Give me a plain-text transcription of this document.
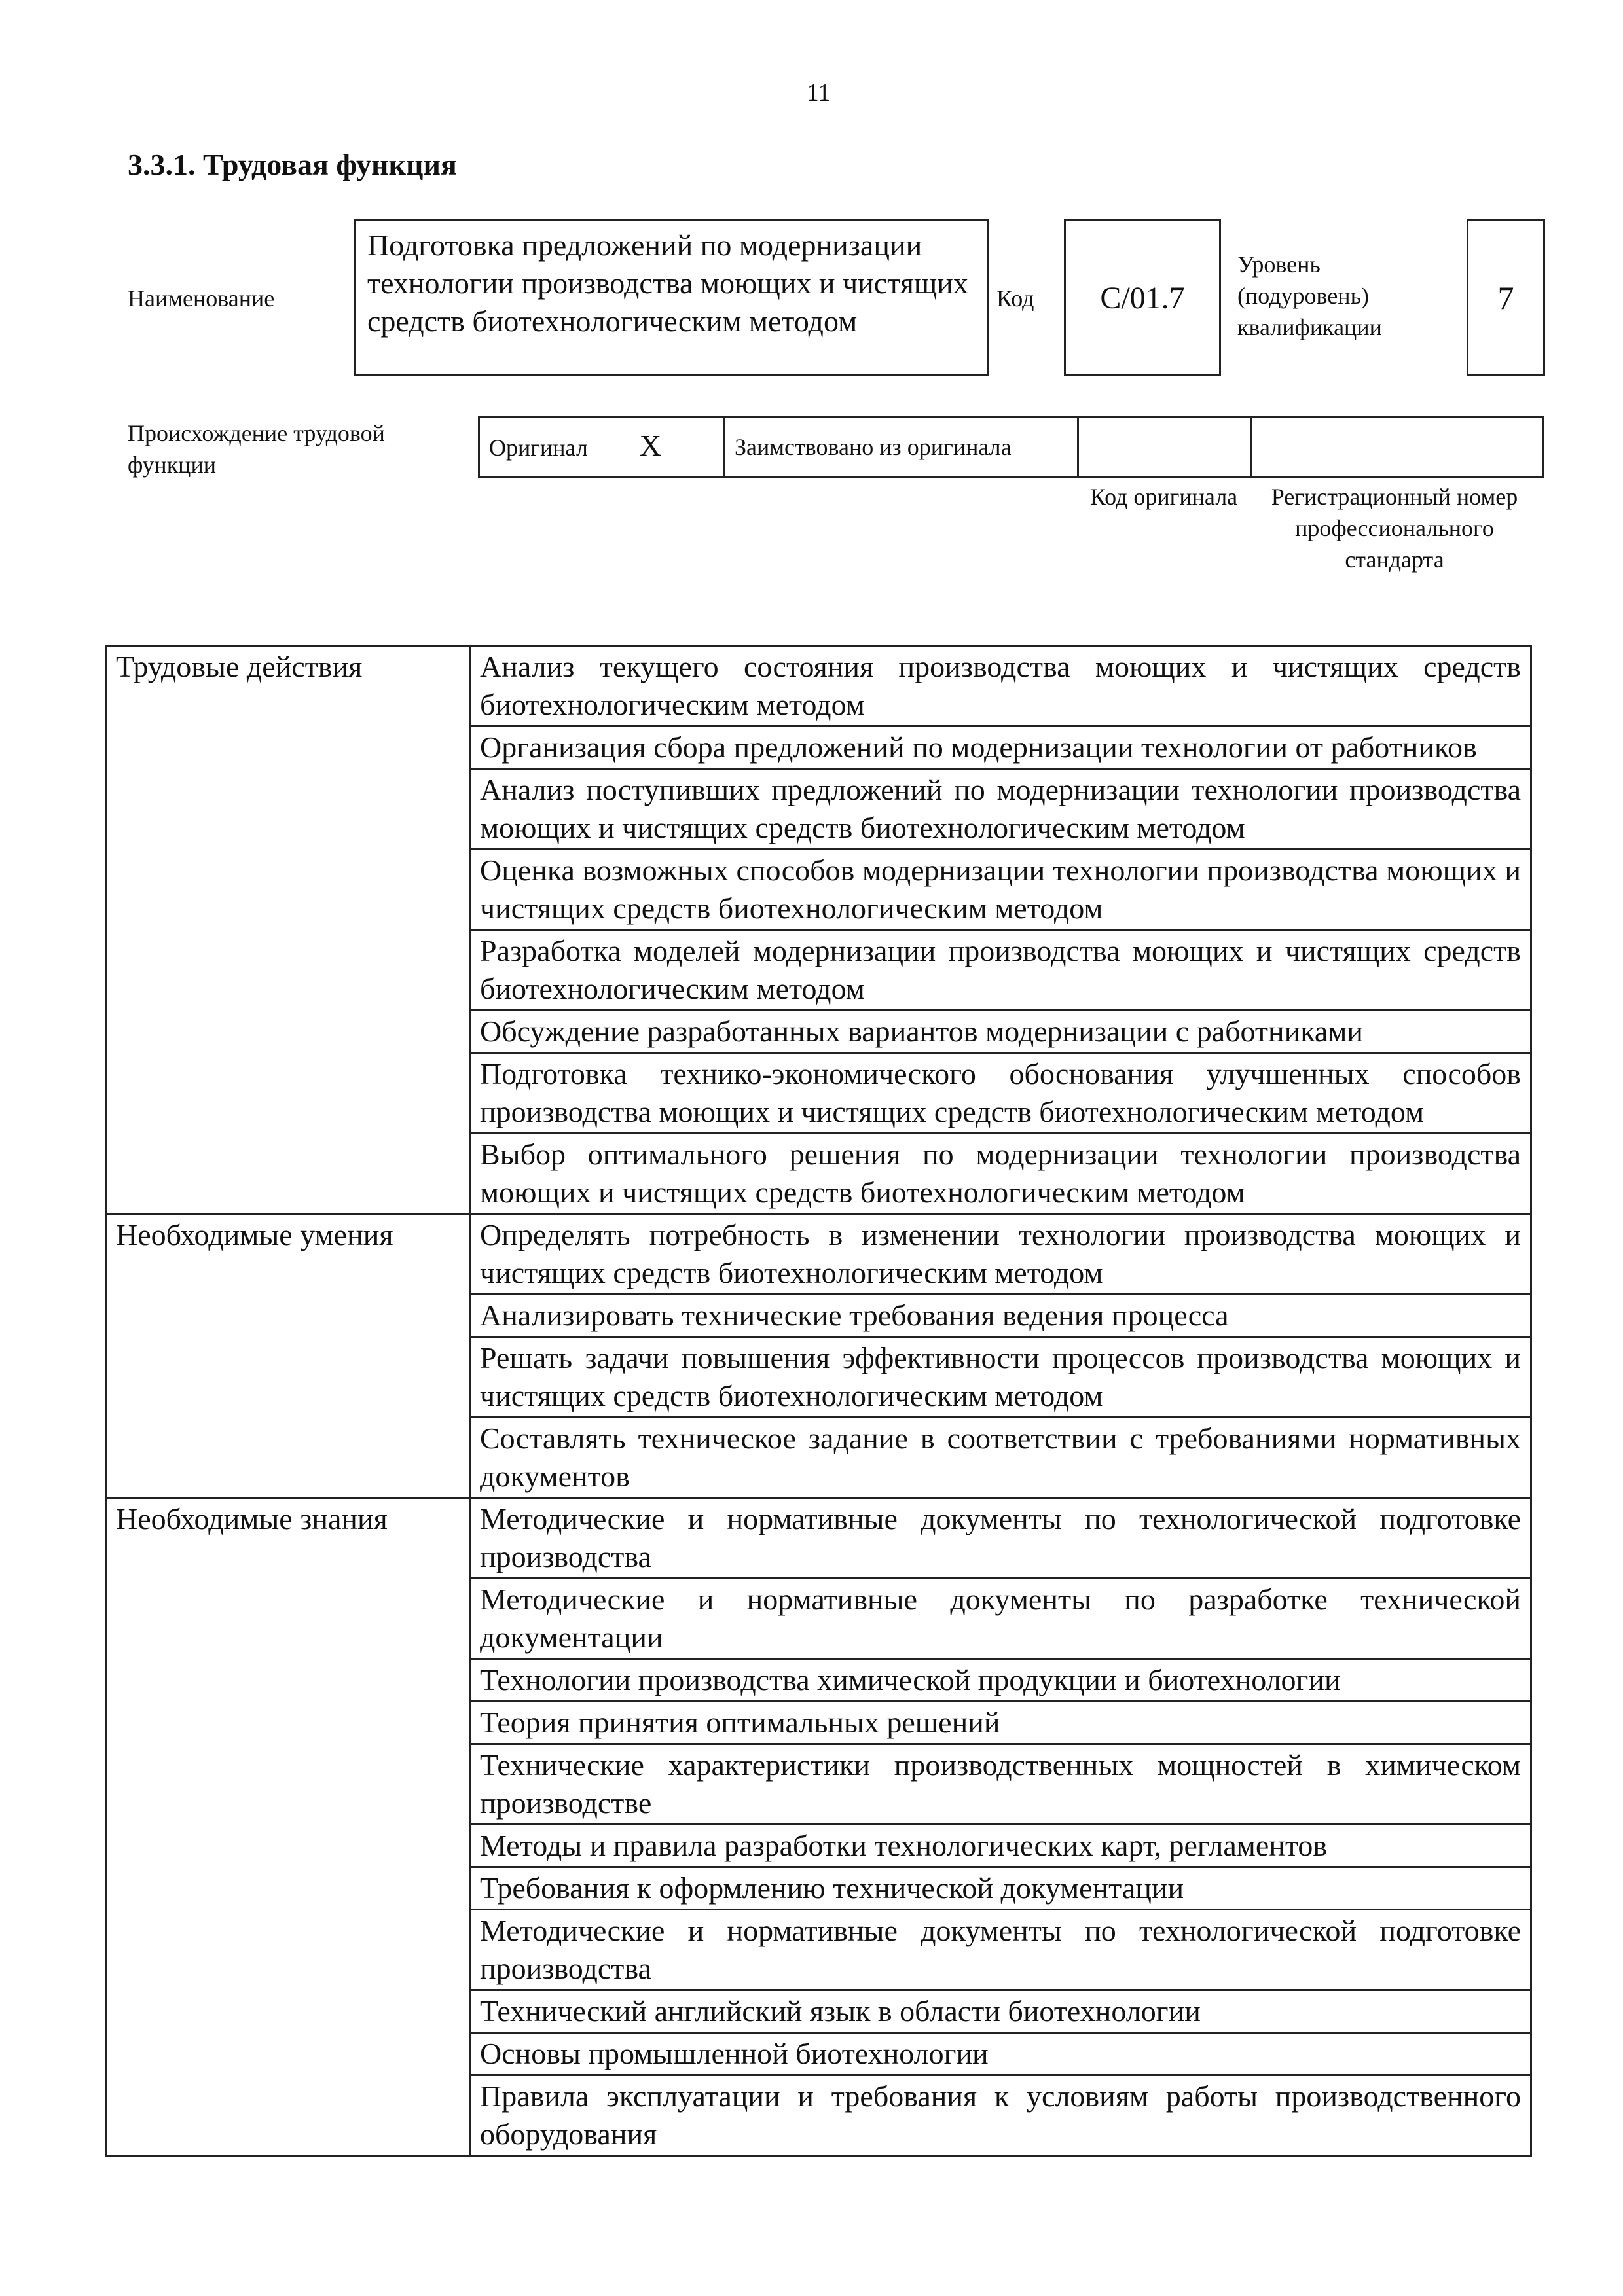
11
3.3.1. Трудовая функция
Наименование
Подготовка предложений по модернизации технологии производства моющих и чистящих средств биотехнологическим методом
Код	С/01.7
Уровень (подуровень) квалификации
7
Происхождение трудовой функции
Оригинал X	Заимствовано из оригинала		
Код оригинала	Регистрационный номер профессионального стандарта
Трудовые действия	Анализ текущего состояния производства моющих и чистящих средств биотехнологическим методом
	Организация сбора предложений по модернизации технологии от работников
	Анализ поступивших предложений по модернизации технологии производства моющих и чистящих средств биотехнологическим методом
	Оценка возможных способов модернизации технологии производства моющих и чистящих средств биотехнологическим методом
	Разработка моделей модернизации производства моющих и чистящих средств биотехнологическим методом
	Обсуждение разработанных вариантов модернизации с работниками
	Подготовка технико-экономического обоснования улучшенных способов производства моющих и чистящих средств биотехнологическим методом
	Выбор оптимального решения по модернизации технологии производства моющих и чистящих средств биотехнологическим методом
Необходимые умения	Определять потребность в изменении технологии производства моющих и чистящих средств биотехнологическим методом
	Анализировать технические требования ведения процесса
	Решать задачи повышения эффективности процессов производства моющих и чистящих средств биотехнологическим методом
	Составлять техническое задание в соответствии с требованиями нормативных документов
Необходимые знания	Методические и нормативные документы по технологической подготовке производства
	Методические и нормативные документы по разработке технической документации
	Технологии производства химической продукции и биотехнологии
	Теория принятия оптимальных решений
	Технические характеристики производственных мощностей в химическом производстве
	Методы и правила разработки технологических карт, регламентов
	Требования к оформлению технической документации
	Методические и нормативные документы по технологической подготовке производства
	Технический английский язык в области биотехнологии
	Основы промышленной биотехнологии
	Правила эксплуатации и требования к условиям работы производственного оборудования
